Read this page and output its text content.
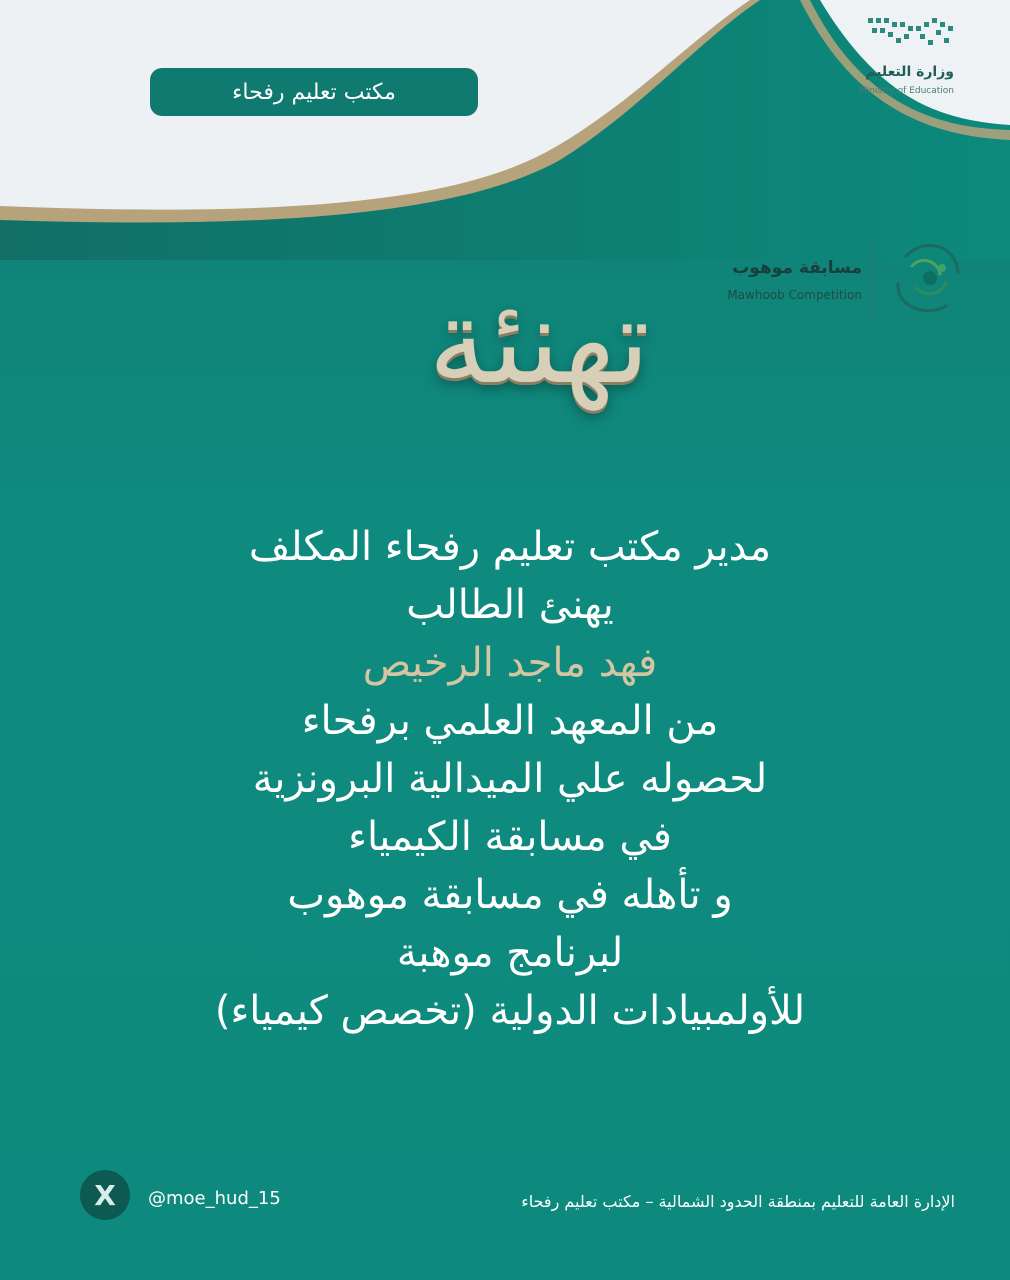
مكتب تعليم رفحاء
وزارة التعليم
Ministry of Education
مسابقة موهوب
Mawhoob Competition
تهنئة
مدير مكتب تعليم رفحاء المكلف
يهنئ الطالب
فهد ماجد الرخيص
من المعهد العلمي برفحاء
لحصوله علي الميدالية البرونزية
في مسابقة الكيمياء
و تأهله في مسابقة موهوب
لبرنامج موهبة
للأولمبيادات الدولية (تخصص كيمياء)
X	@moe_hud_15	الإدارة العامة للتعليم بمنطقة الحدود الشمالية – مكتب تعليم رفحاء
